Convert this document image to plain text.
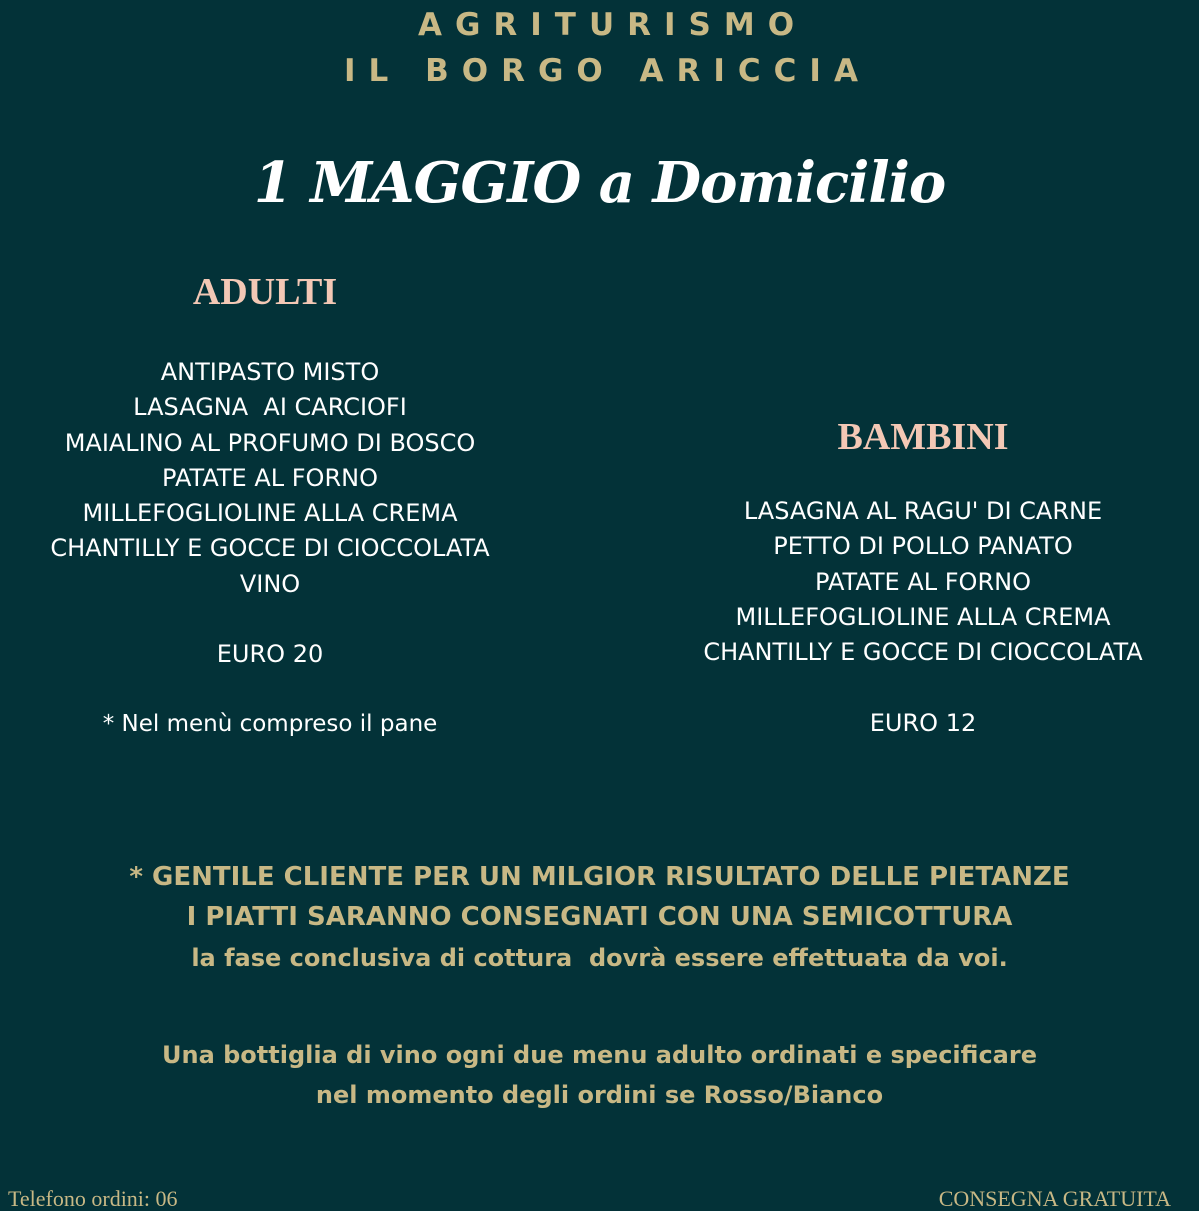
AGRITURISMO
IL BORGO ARICCIA
1 MAGGIO a Domicilio
ADULTI
ANTIPASTO MISTO
LASAGNA  AI CARCIOFI
MAIALINO AL PROFUMO DI BOSCO
PATATE AL FORNO
MILLEFOGLIOLINE ALLA CREMA
CHANTILLY E GOCCE DI CIOCCOLATA
VINO
EURO 20
* Nel menù compreso il pane
BAMBINI
LASAGNA AL RAGU' DI CARNE
PETTO DI POLLO PANATO
PATATE AL FORNO
MILLEFOGLIOLINE ALLA CREMA
CHANTILLY E GOCCE DI CIOCCOLATA
EURO 12
* GENTILE CLIENTE PER UN MILGIOR RISULTATO DELLE PIETANZE
I PIATTI SARANNO CONSEGNATI CON UNA SEMICOTTURA
la fase conclusiva di cottura  dovrà essere effettuata da voi.
Una bottiglia di vino ogni due menu adulto ordinati e specificare
nel momento degli ordini se Rosso/Bianco
Telefono ordini: 06	CONSEGNA GRATUITA
